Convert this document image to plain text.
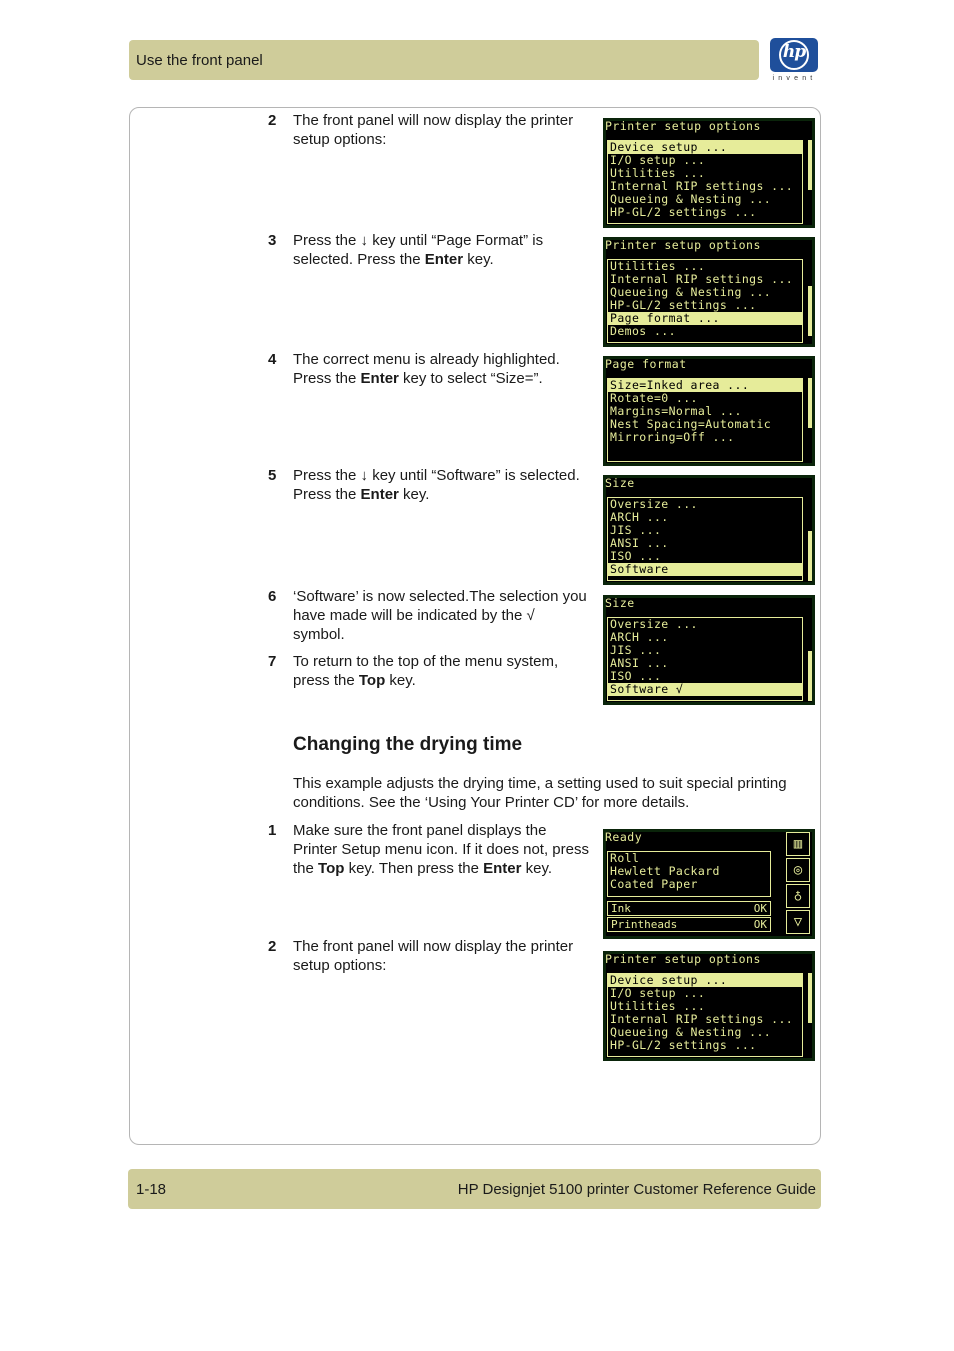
Use the front panel	hp
invent
2 The front panel will now display the printer setup options:
3 Press the ↓ key until “Page Format” is selected. Press the Enter key.
4 The correct menu is already highlighted. Press the Enter key to select “Size=”.
5 Press the ↓ key until “Software” is selected. Press the Enter key.
6 ‘Software’ is now selected.The selection you have made will be indicated by the √ symbol.
7 To return to the top of the menu system, press the Top key.
Changing the drying time
This example adjusts the drying time, a setting used to suit special printing conditions. See the ‘Using Your Printer CD’ for more details.
1 Make sure the front panel displays the Printer Setup menu icon. If it does not, press the Top key. Then press the Enter key.
2 The front panel will now display the printer setup options:
Printer setup options
Device setup ...
I/O setup ...
Utilities ...
Internal RIP settings ...
Queueing & Nesting ...
HP-GL/2 settings ...
Printer setup options
Utilities ...
Internal RIP settings ...
Queueing & Nesting ...
HP-GL/2 settings ...
Page format ...
Demos ...
Page format
Size=Inked area ...
Rotate=0 ...
Margins=Normal ...
Nest Spacing=Automatic
Mirroring=Off ...
Size
Oversize ...
ARCH ...
JIS ...
ANSI ...
ISO ...
Software
Size
Oversize ...
ARCH ...
JIS ...
ANSI ...
ISO ...
Software √
Ready
Roll
Hewlett Packard
Coated Paper
Ink	OK
Printheads	OK
▥
◎
♁
▽
Printer setup options
Device setup ...
I/O setup ...
Utilities ...
Internal RIP settings ...
Queueing & Nesting ...
HP-GL/2 settings ...
1-18	HP Designjet 5100 printer Customer Reference Guide
